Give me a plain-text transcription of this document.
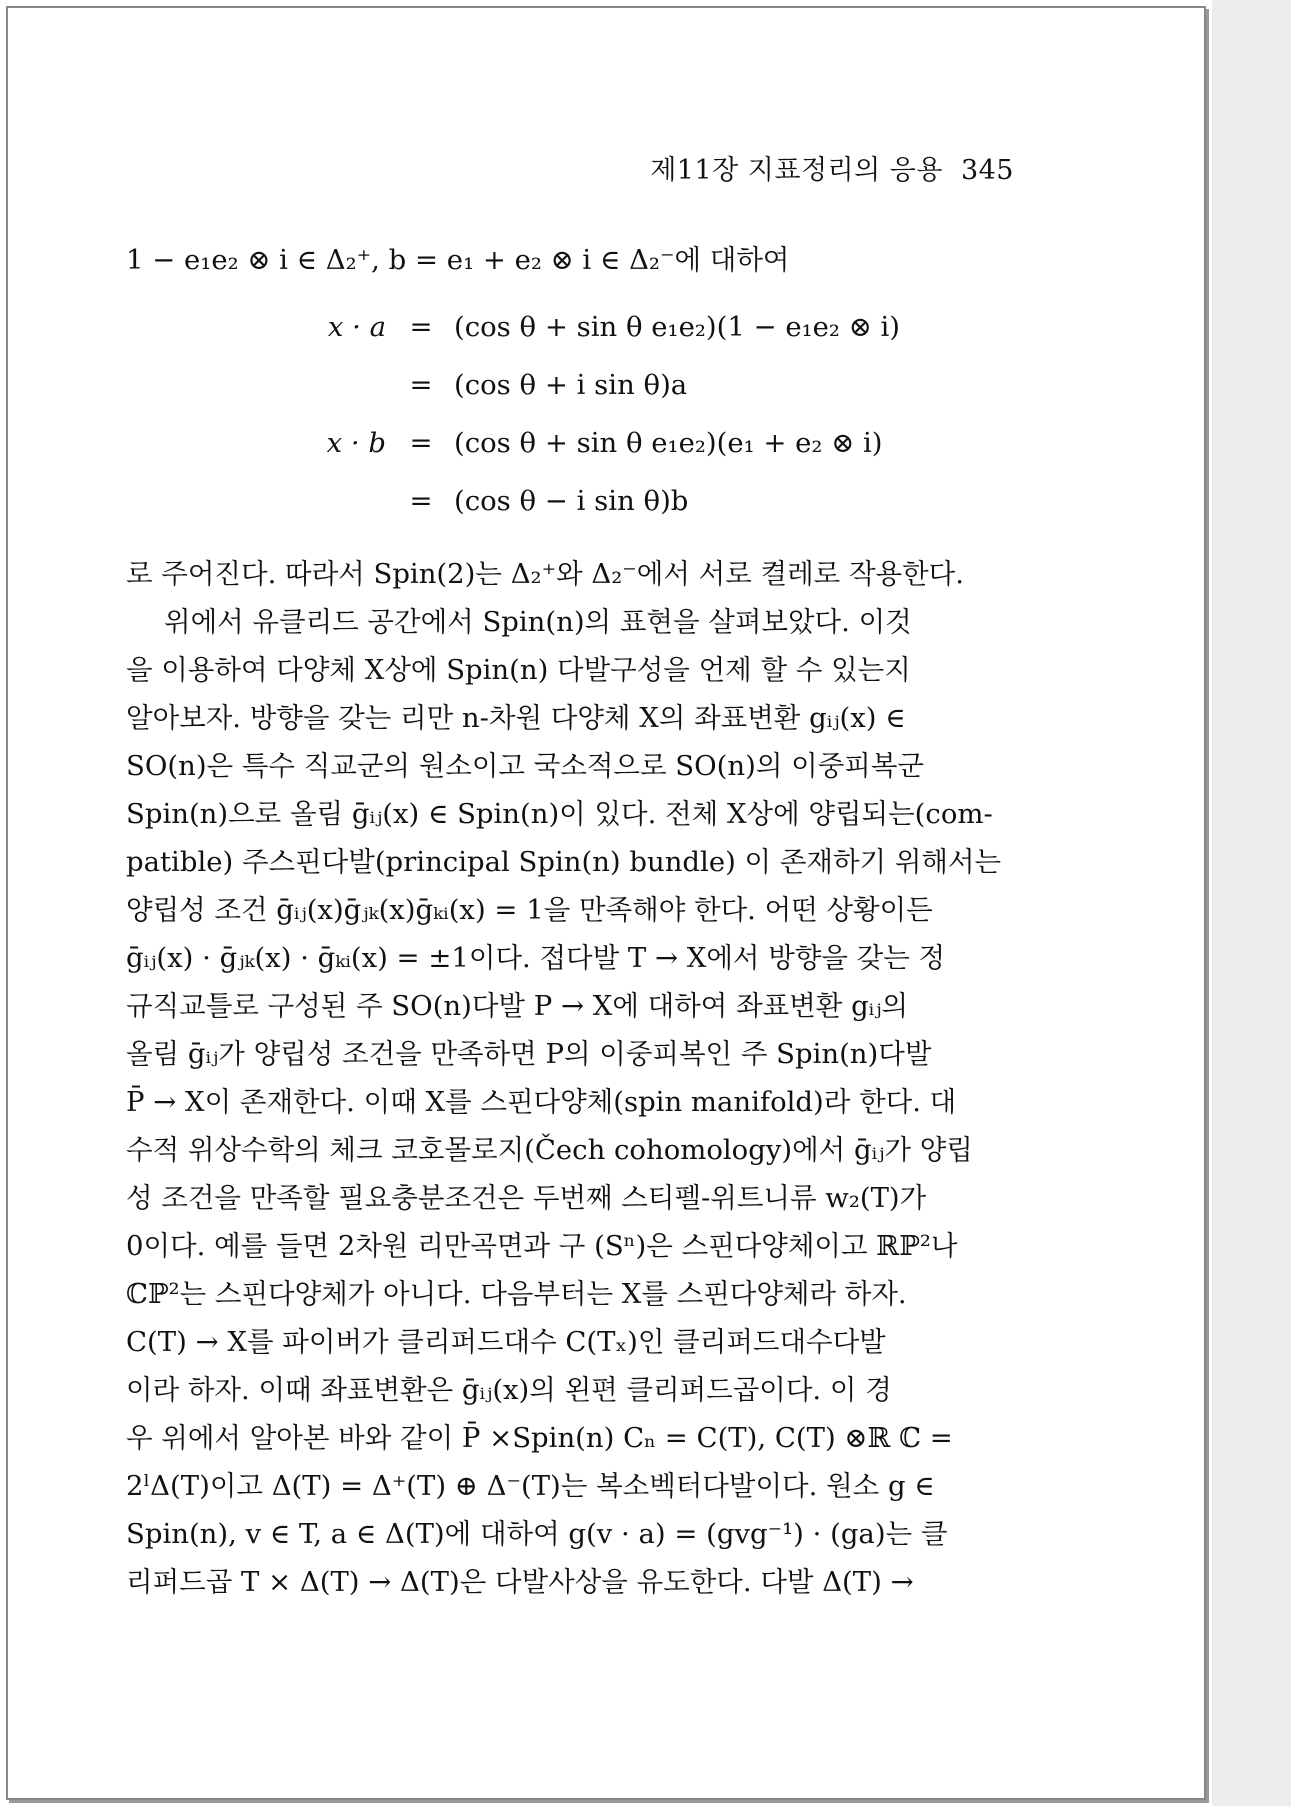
제11장 지표정리의 응용 345
1 − e₁e₂ ⊗ i ∈ Δ₂⁺, b = e₁ + e₂ ⊗ i ∈ Δ₂⁻에 대하여
x · a = (cos θ + sin θ e₁e₂)(1 − e₁e₂ ⊗ i)
= (cos θ + i sin θ)a
x · b = (cos θ + sin θ e₁e₂)(e₁ + e₂ ⊗ i)
= (cos θ − i sin θ)b
로 주어진다. 따라서 Spin(2)는 Δ₂⁺와 Δ₂⁻에서 서로 켤레로 작용한다.
위에서 유클리드 공간에서 Spin(n)의 표현을 살펴보았다. 이것
을 이용하여 다양체 X상에 Spin(n) 다발구성을 언제 할 수 있는지
알아보자. 방향을 갖는 리만 n-차원 다양체 X의 좌표변환 gᵢⱼ(x) ∈
SO(n)은 특수 직교군의 원소이고 국소적으로 SO(n)의 이중피복군
Spin(n)으로 올림 ḡᵢⱼ(x) ∈ Spin(n)이 있다. 전체 X상에 양립되는(com-
patible) 주스핀다발(principal Spin(n) bundle) 이 존재하기 위해서는
양립성 조건 ḡᵢⱼ(x)ḡⱼₖ(x)ḡₖᵢ(x) = 1을 만족해야 한다. 어떤 상황이든
ḡᵢⱼ(x) · ḡⱼₖ(x) · ḡₖᵢ(x) = ±1이다. 접다발 T → X에서 방향을 갖는 정
규직교틀로 구성된 주 SO(n)다발 P → X에 대하여 좌표변환 gᵢⱼ의
올림 ḡᵢⱼ가 양립성 조건을 만족하면 P의 이중피복인 주 Spin(n)다발
P̄ → X이 존재한다. 이때 X를 스핀다양체(spin manifold)라 한다. 대
수적 위상수학의 체크 코호몰로지(Čech cohomology)에서 ḡᵢⱼ가 양립
성 조건을 만족할 필요충분조건은 두번째 스티펠-위트니류 w₂(T)가
0이다. 예를 들면 2차원 리만곡면과 구 (Sⁿ)은 스핀다양체이고 ℝℙ²나
ℂℙ²는 스핀다양체가 아니다. 다음부터는 X를 스핀다양체라 하자.
C(T) → X를 파이버가 클리퍼드대수 C(Tₓ)인 클리퍼드대수다발
이라 하자. 이때 좌표변환은 ḡᵢⱼ(x)의 왼편 클리퍼드곱이다. 이 경
우 위에서 알아본 바와 같이 P̄ ×Spin(n) Cₙ = C(T), C(T) ⊗ℝ ℂ =
2ˡΔ(T)이고 Δ(T) = Δ⁺(T) ⊕ Δ⁻(T)는 복소벡터다발이다. 원소 g ∈
Spin(n), v ∈ T, a ∈ Δ(T)에 대하여 g(v · a) = (gvg⁻¹) · (ga)는 클
리퍼드곱 T × Δ(T) → Δ(T)은 다발사상을 유도한다. 다발 Δ(T) →
